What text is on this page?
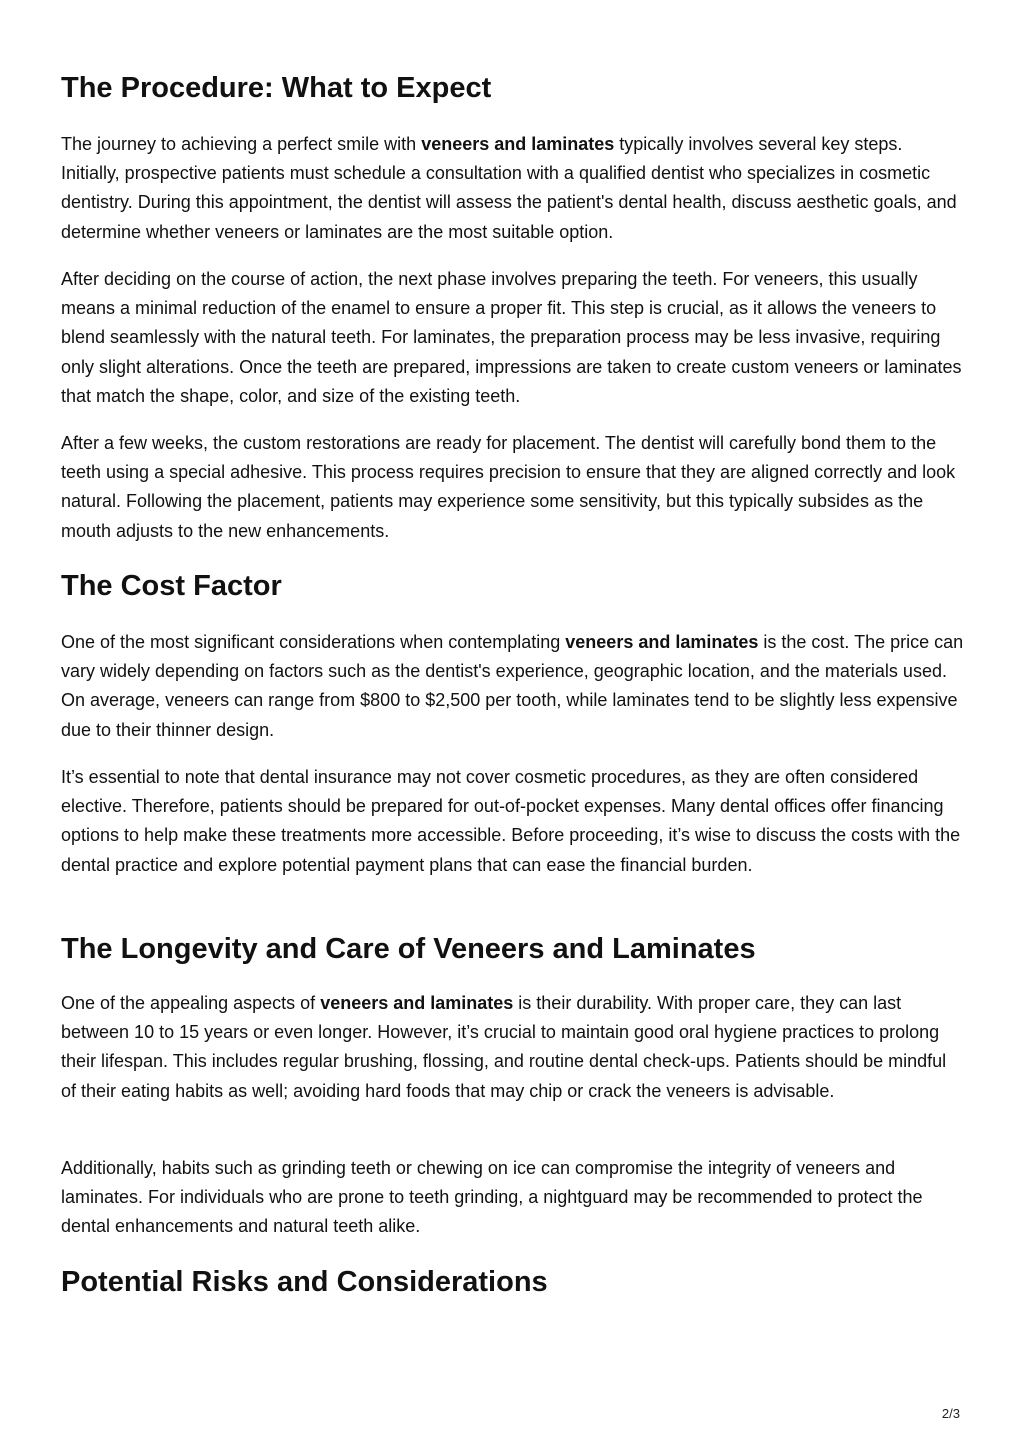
The Procedure: What to Expect

The journey to achieving a perfect smile with veneers and laminates typically involves several key steps. Initially, prospective patients must schedule a consultation with a qualified dentist who specializes in cosmetic dentistry. During this appointment, the dentist will assess the patient's dental health, discuss aesthetic goals, and determine whether veneers or laminates are the most suitable option.

After deciding on the course of action, the next phase involves preparing the teeth. For veneers, this usually means a minimal reduction of the enamel to ensure a proper fit. This step is crucial, as it allows the veneers to blend seamlessly with the natural teeth. For laminates, the preparation process may be less invasive, requiring only slight alterations. Once the teeth are prepared, impressions are taken to create custom veneers or laminates that match the shape, color, and size of the existing teeth.

After a few weeks, the custom restorations are ready for placement. The dentist will carefully bond them to the teeth using a special adhesive. This process requires precision to ensure that they are aligned correctly and look natural. Following the placement, patients may experience some sensitivity, but this typically subsides as the mouth adjusts to the new enhancements.

The Cost Factor

One of the most significant considerations when contemplating veneers and laminates is the cost. The price can vary widely depending on factors such as the dentist's experience, geographic location, and the materials used. On average, veneers can range from $800 to $2,500 per tooth, while laminates tend to be slightly less expensive due to their thinner design.

It’s essential to note that dental insurance may not cover cosmetic procedures, as they are often considered elective. Therefore, patients should be prepared for out-of-pocket expenses. Many dental offices offer financing options to help make these treatments more accessible. Before proceeding, it’s wise to discuss the costs with the dental practice and explore potential payment plans that can ease the financial burden.

The Longevity and Care of Veneers and Laminates

One of the appealing aspects of veneers and laminates is their durability. With proper care, they can last between 10 to 15 years or even longer. However, it’s crucial to maintain good oral hygiene practices to prolong their lifespan. This includes regular brushing, flossing, and routine dental check-ups. Patients should be mindful of their eating habits as well; avoiding hard foods that may chip or crack the veneers is advisable.

Additionally, habits such as grinding teeth or chewing on ice can compromise the integrity of veneers and laminates. For individuals who are prone to teeth grinding, a nightguard may be recommended to protect the dental enhancements and natural teeth alike.

Potential Risks and Considerations
2/3
